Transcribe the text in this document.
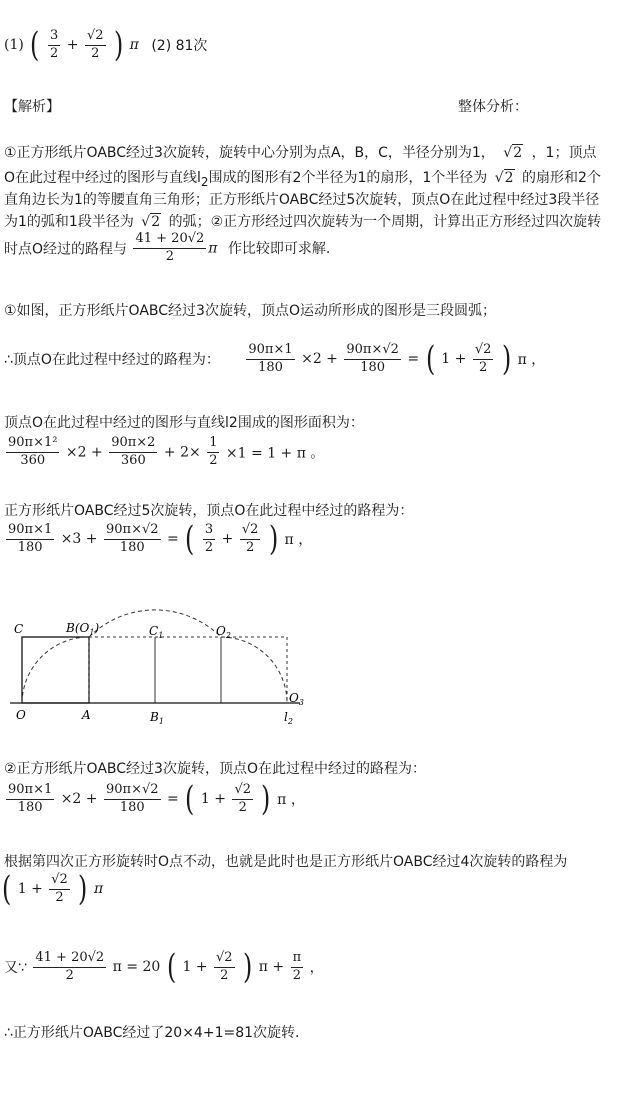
(1) ( $\frac{3}{2} + \frac{√2}{2}$ ) π (2) 81次
【解析】	整体分析：
①正方形纸片OABC经过3次旋转，旋转中心分别为点A，B，C，半径分别为1， √2 ，1；顶点
O在此过程中经过的图形与直线$l_2$围成的图形有2个半径为1的扇形，1个半径为 √2 的扇形和2个
直角边长为1的等腰直角三角形；正方形纸片OABC经过5次旋转，顶点O在此过程中经过3段半径
为1的弧和1段半径为 √2 的弧；②正方形经过四次旋转为一个周期，计算出正方形经过四次旋转
时点O经过的路程与 $\frac{41 + 20√2}{2}$ π 作比较即可求解.
①如图，正方形纸片OABC经过3次旋转，顶点O运动所形成的图形是三段圆弧；
∴顶点O在此过程中经过的路程为： $\frac{90\pi\times 1}{180} \times 2 + \frac{90\pi\times√2}{180}$ = ( $1 + \frac{√2}{2}$ ) π ，
顶点O在此过程中经过的图形与直线l2围成的图形面积为：
$\frac{\text{90π×1²}}{360} \times 2 + \frac{90\pi\times 2}{360} + 2\times \frac{1}{2} \times 1 = 1 + \pi$ 。
正方形纸片OABC经过5次旋转，顶点O在此过程中经过的路程为：
$\frac{90\pi\times 1}{180} \times 3 + \frac{90\pi\times√2}{180}$ = ( $\frac{3}{2} + \frac{√2}{2}$ ) π ，
C	$B(O_1)$	$C_1$	$O_2$
$O_3$
O	A	$B_1$	$l_2$
②正方形纸片OABC经过3次旋转，顶点O在此过程中经过的路程为：
$\frac{90\pi\times 1}{180} \times 2 + \frac{90\pi\times√2}{180}$ = ( $1 + \frac{√2}{2}$ ) π ，
根据第四次正方形旋转时O点不动，也就是此时也是正方形纸片OABC经过4次旋转的路程为
( $1 + \frac{√2}{2}$ ) π
又∵ $\frac{41 + 20√2}{2}$ π = 20 ( $1 + \frac{√2}{2}$ ) $\pi + \frac{\pi}{2}$ ，
∴正方形纸片OABC经过了20×4+1=81次旋转.
